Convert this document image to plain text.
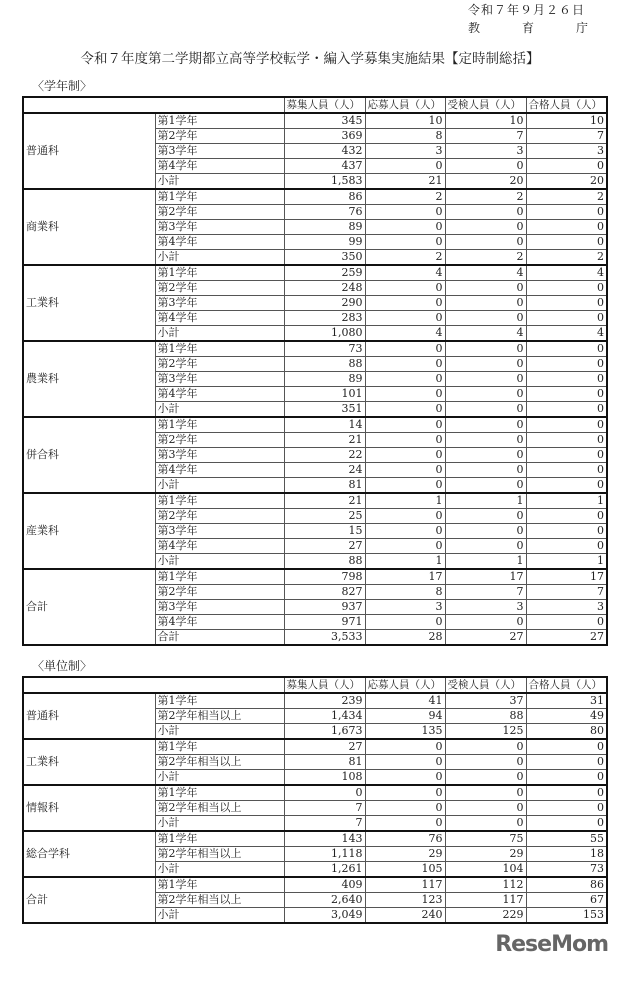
令和７年９月２６日
教	育	庁
令和７年度第二学期都立高等学校転学・編入学募集実施結果【定時制総括】
〈学年制〉
		募集人員（人）	応募人員（人）	受検人員（人）	合格人員（人）
普通科	第1学年	345	10	10	10
	第2学年	369	8	7	7
	第3学年	432	3	3	3
	第4学年	437	0	0	0
	小計	1,583	21	20	20
商業科	第1学年	86	2	2	2
	第2学年	76	0	0	0
	第3学年	89	0	0	0
	第4学年	99	0	0	0
	小計	350	2	2	2
工業科	第1学年	259	4	4	4
	第2学年	248	0	0	0
	第3学年	290	0	0	0
	第4学年	283	0	0	0
	小計	1,080	4	4	4
農業科	第1学年	73	0	0	0
	第2学年	88	0	0	0
	第3学年	89	0	0	0
	第4学年	101	0	0	0
	小計	351	0	0	0
併合科	第1学年	14	0	0	0
	第2学年	21	0	0	0
	第3学年	22	0	0	0
	第4学年	24	0	0	0
	小計	81	0	0	0
産業科	第1学年	21	1	1	1
	第2学年	25	0	0	0
	第3学年	15	0	0	0
	第4学年	27	0	0	0
	小計	88	1	1	1
合計	第1学年	798	17	17	17
	第2学年	827	8	7	7
	第3学年	937	3	3	3
	第4学年	971	0	0	0
	合計	3,533	28	27	27
〈単位制〉
		募集人員（人）	応募人員（人）	受検人員（人）	合格人員（人）
普通科	第1学年	239	41	37	31
	第2学年相当以上	1,434	94	88	49
	小計	1,673	135	125	80
工業科	第1学年	27	0	0	0
	第2学年相当以上	81	0	0	0
	小計	108	0	0	0
情報科	第1学年	0	0	0	0
	第2学年相当以上	7	0	0	0
	小計	7	0	0	0
総合学科	第1学年	143	76	75	55
	第2学年相当以上	1,118	29	29	18
	小計	1,261	105	104	73
合計	第1学年	409	117	112	86
	第2学年相当以上	2,640	123	117	67
	小計	3,049	240	229	153
ReseMom
